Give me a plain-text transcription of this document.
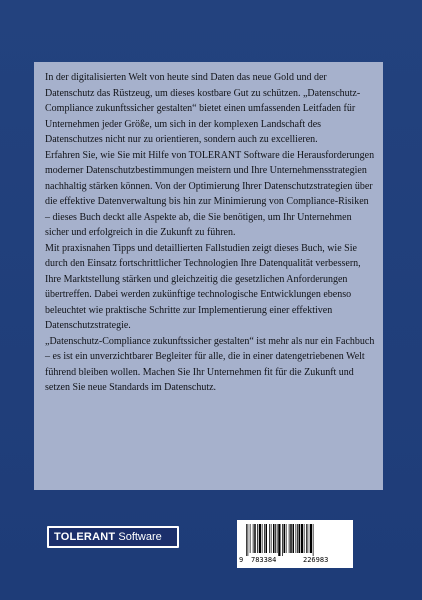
In der digitalisierten Welt von heute sind Daten das neue Gold und der Datenschutz das Rüstzeug, um dieses kostbare Gut zu schützen. „Datenschutz-Compliance zukunftssicher gestalten“ bietet einen umfassenden Leitfaden für Unternehmen jeder Größe, um sich in der komplexen Landschaft des Datenschutzes nicht nur zu orientieren, sondern auch zu excellieren.

Erfahren Sie, wie Sie mit Hilfe von TOLERANT Software die Herausforderungen moderner Datenschutzbestimmungen meistern und Ihre Unternehmensstrategien nachhaltig stärken können. Von der Optimierung Ihrer Datenschutzstrategien über die effektive Datenverwaltung bis hin zur Minimierung von Compliance-Risiken – dieses Buch deckt alle Aspekte ab, die Sie benötigen, um Ihr Unternehmen sicher und erfolgreich in die Zukunft zu führen.

Mit praxisnahen Tipps und detaillierten Fallstudien zeigt dieses Buch, wie Sie durch den Einsatz fortschrittlicher Technologien Ihre Datenqualität verbessern, Ihre Marktstellung stärken und gleichzeitig die gesetzlichen Anforderungen übertreffen. Dabei werden zukünftige technologische Entwicklungen ebenso beleuchtet wie praktische Schritte zur Implementierung einer effektiven Datenschutzstrategie.

„Datenschutz-Compliance zukunftssicher gestalten“ ist mehr als nur ein Fachbuch – es ist ein unverzichtbarer Begleiter für alle, die in einer datengetriebenen Welt führend bleiben wollen. Machen Sie Ihr Unternehmen fit für die Zukunft und setzen Sie neue Standards im Datenschutz.

TOLERANT Software
9 783384	226983
